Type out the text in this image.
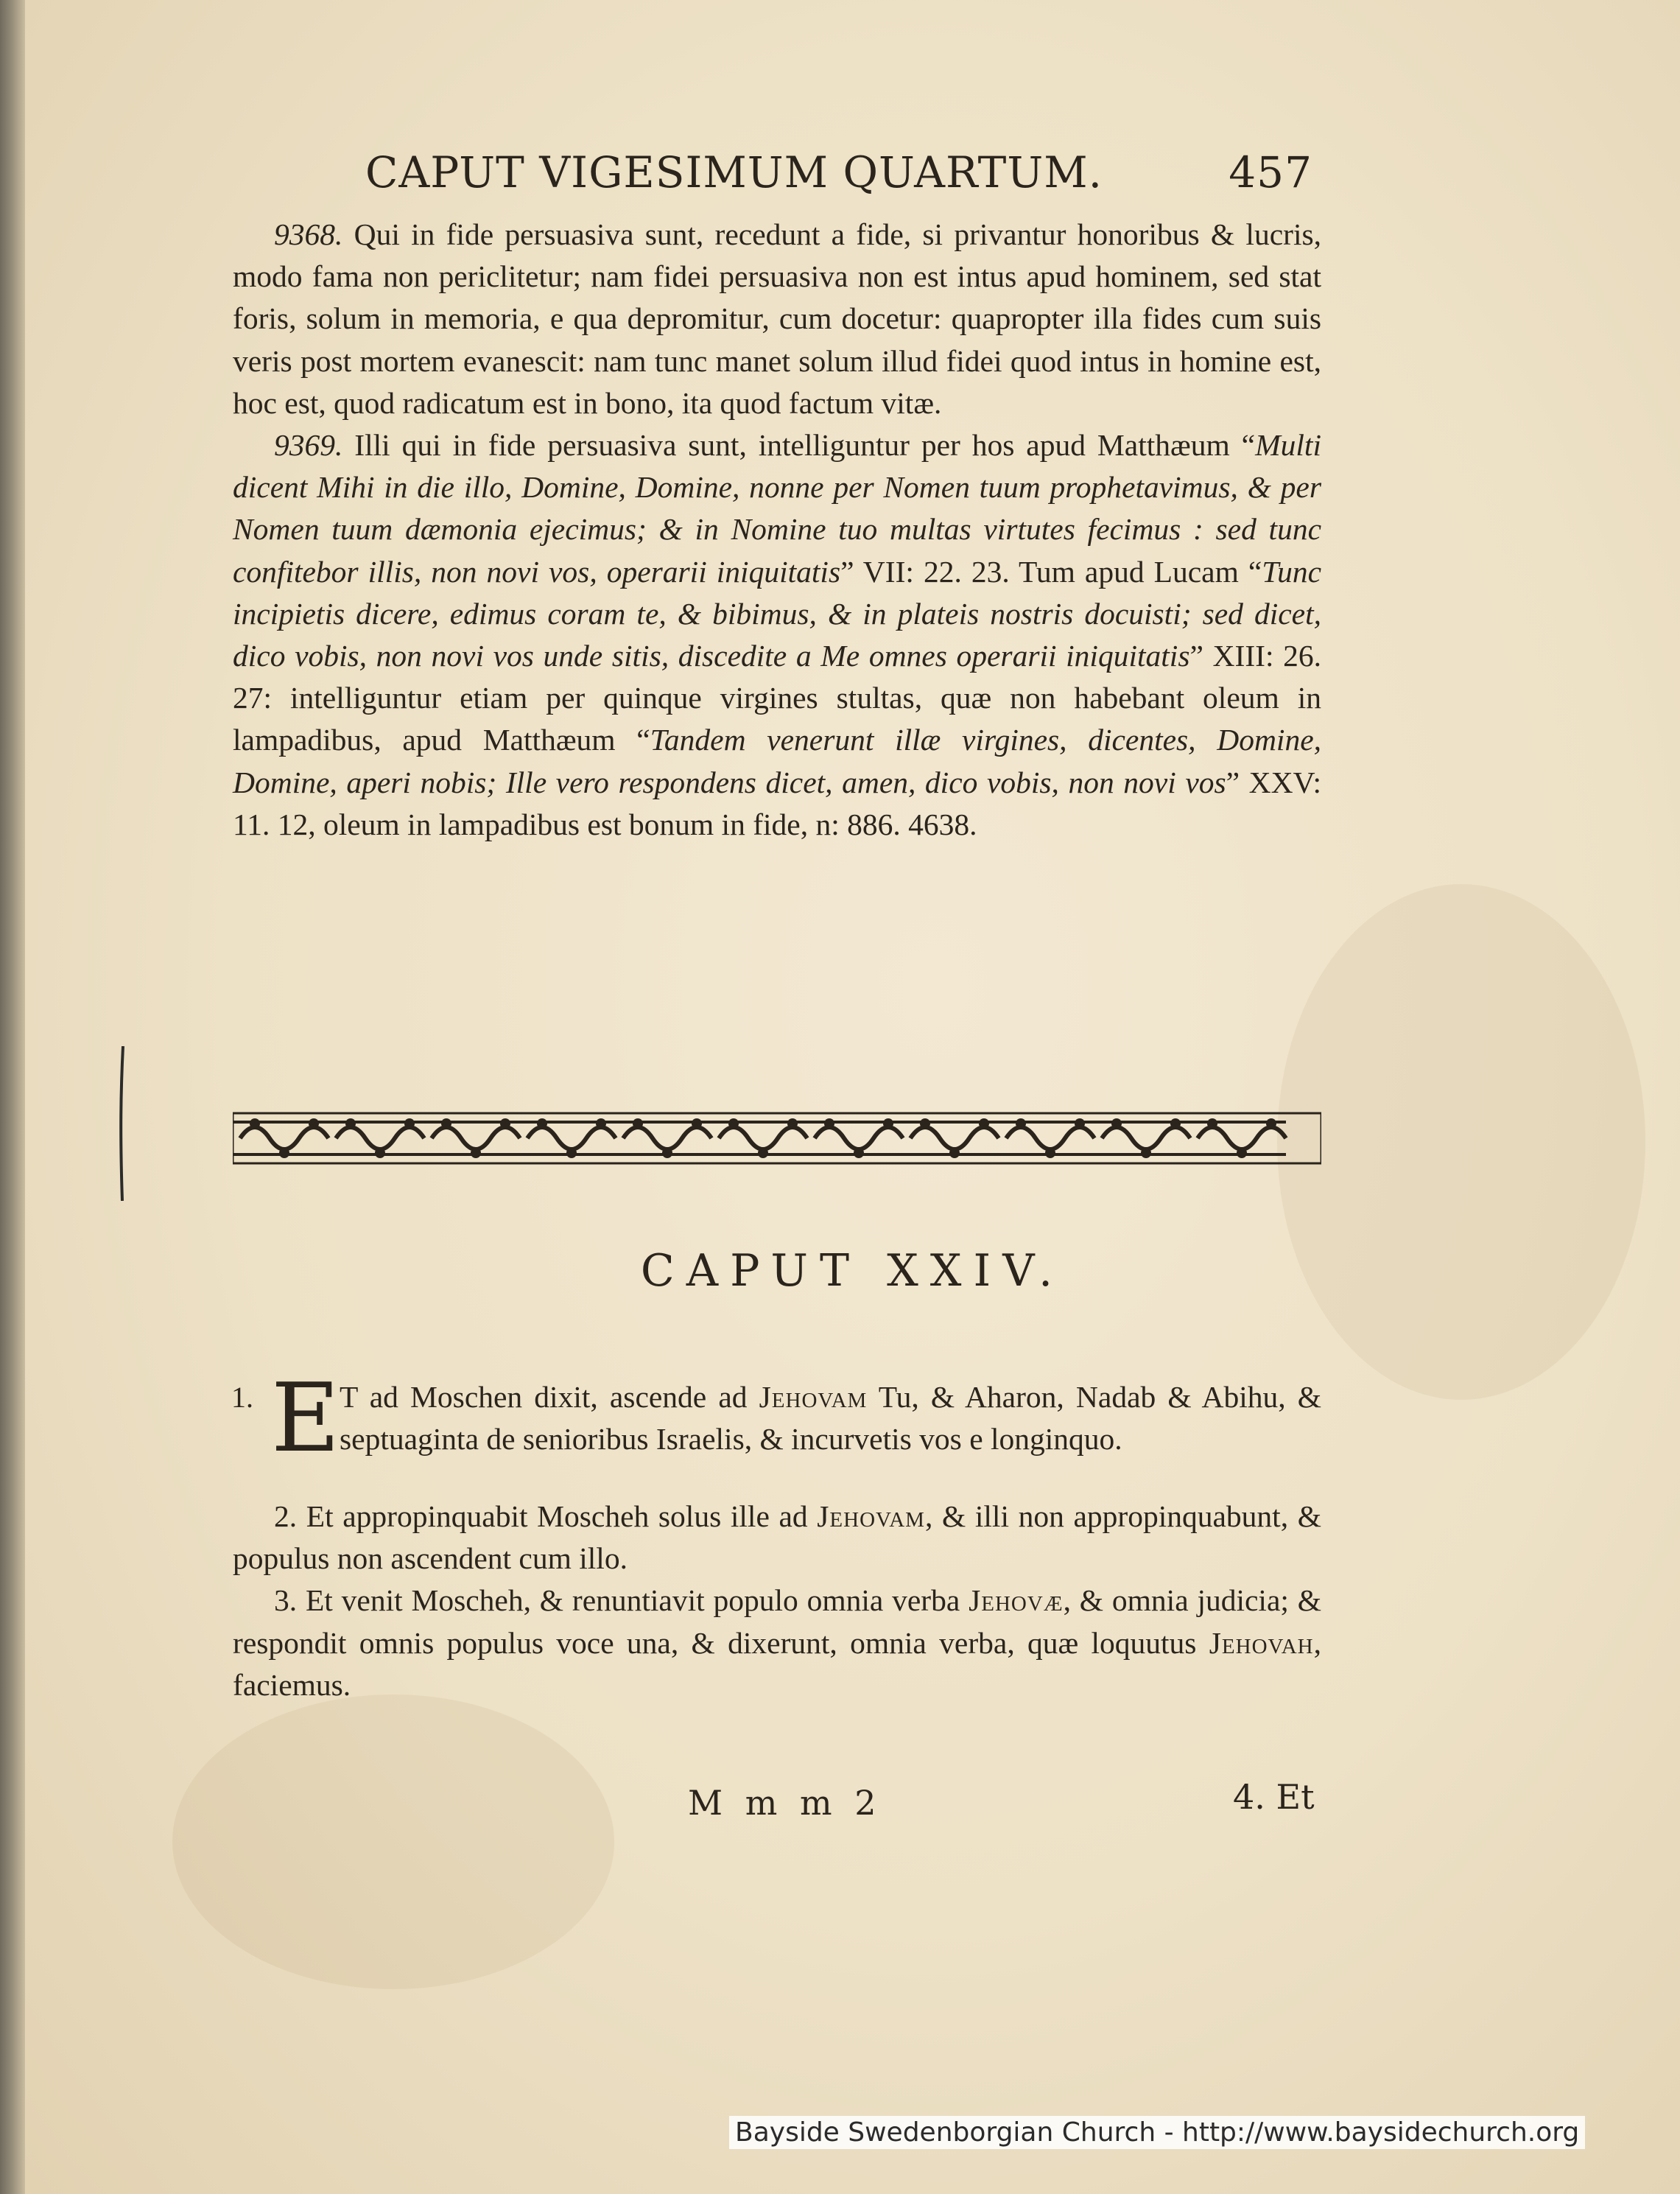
CAPUT VIGESIMUM QUARTUM.	457

9368. Qui in fide persuasiva sunt, recedunt a fide, si privantur honoribus & lucris, modo fama non periclitetur; nam fidei persuasiva non est intus apud hominem, sed stat foris, solum in memoria, e qua depromitur, cum docetur: quapropter illa fides cum suis veris post mortem evanescit: nam tunc manet solum illud fidei quod intus in homine est, hoc est, quod radicatum est in bono, ita quod factum vitæ.

9369. Illi qui in fide persuasiva sunt, intelliguntur per hos apud Matthæum “Multi dicent Mihi in die illo, Domine, Domine, nonne per Nomen tuum prophetavimus, & per Nomen tuum dæmonia ejecimus; & in Nomine tuo multas virtutes fecimus : sed tunc confitebor illis, non novi vos, operarii iniquitatis” VII: 22. 23. Tum apud Lucam “Tunc incipietis dicere, edimus coram te, & bibimus, & in plateis nostris docuisti; sed dicet, dico vobis, non novi vos unde sitis, discedite a Me omnes operarii iniquitatis” XIII: 26. 27: intelliguntur etiam per quinque virgines stultas, quæ non habebant oleum in lampadibus, apud Matthæum “Tandem venerunt illæ virgines, dicentes, Domine, Domine, aperi nobis; Ille vero respondens dicet, amen, dico vobis, non novi vos” XXV: 11. 12, oleum in lampadibus est bonum in fide, n: 886. 4638.

CAPUT XXIV.
1. E T ad Moschen dixit, ascende ad Jehovam Tu, & Aharon, Nadab & Abihu, & septuaginta de senioribus Israelis, & incurvetis vos e longinquo.

2. Et appropinquabit Moscheh solus ille ad Jehovam, & illi non appropinquabunt, & populus non ascendent cum illo.

3. Et venit Moscheh, & renuntiavit populo omnia verba Jehovæ, & omnia judicia; & respondit omnis populus voce una, & dixerunt, omnia verba, quæ loquutus Jehovah, faciemus.

M m m 2	4. Et
Bayside Swedenborgian Church - http://www.baysidechurch.org
